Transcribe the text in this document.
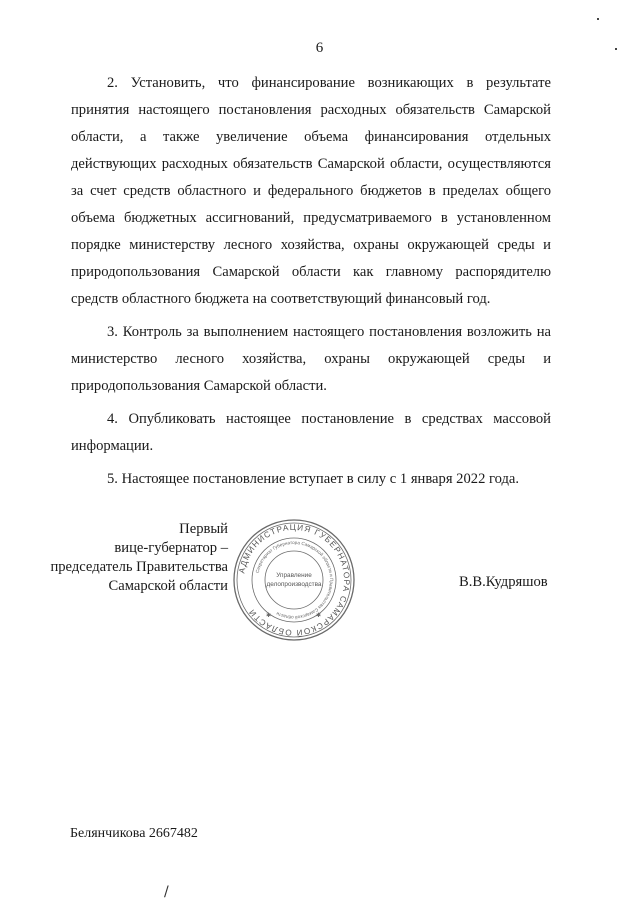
6

2. Установить, что финансирование возникающих в результате принятия настоящего постановления расходных обязательств Самарской области, а также увеличение объема финансирования отдельных действующих расходных обязательств Самарской области, осуществляются за счет средств областного и федерального бюджетов в пределах общего объема бюджетных ассигнований, предусматриваемого в установленном порядке министерству лесного хозяйства, охраны окружающей среды и природопользования Самарской области как главному распорядителю средств областного бюджета на соответствующий финансовый год.

3. Контроль за выполнением настоящего постановления возложить на министерство лесного хозяйства, охраны окружающей среды и природопользования Самарской области.

4. Опубликовать настоящее постановление в средствах массовой информации.

5. Настоящее постановление вступает в силу с 1 января 2022 года.

Первый
вице-губернатор –
председатель Правительства
Самарской области
АДМИНИСТРАЦИЯ ГУБЕРНАТОРА САМАРСКОЙ ОБЛАСТИ
Секретариат Губернатора Самарской области и Правительства Самарской области
Управление
делопроизводства
✱	✱
В.В.Кудряшов
Белянчикова 2667482
/
